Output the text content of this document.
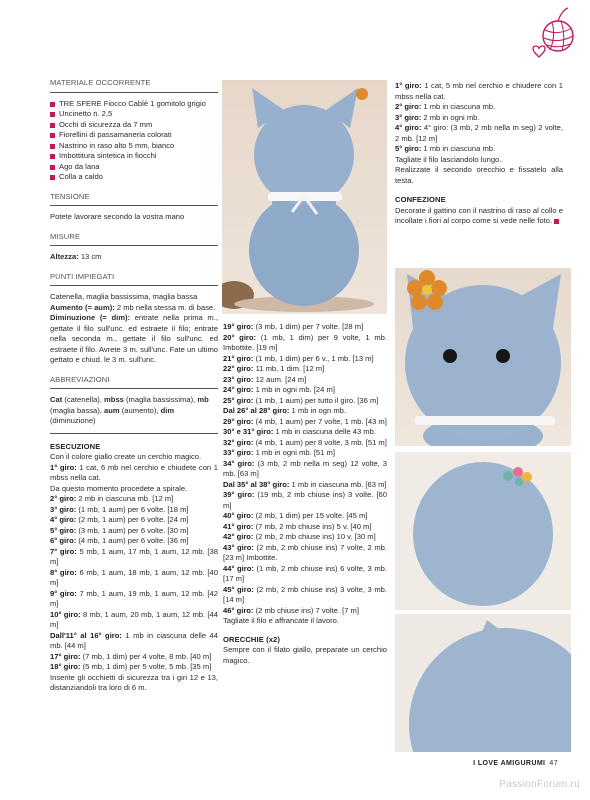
MATERIALE OCCORRENTE
TRE SFERE Fiocco Cablé 1 gomitolo grigio
Uncinetto n. 2,5
Occhi di sicurezza da 7 mm
Fiorellini di passamaneria colorati
Nastrino in raso alto 5 mm, bianco
Imbottitura sintetica in fiocchi
Ago da lana
Colla a caldo
TENSIONE

Potete lavorare secondo la vostra mano

MISURE

Altezza: 13 cm

PUNTI IMPIEGATI

Catenella, maglia bassissima, maglia bassa

Aumento (= aum): 2 mb nella stessa m. di base.

Diminuzione (= dim): entrate nella prima m., gettate il filo sull'unc. ed estraete il filo; entrate nella seconda m., gettate il filo sull'unc. ed estraete il filo. Avrete 3 m. sull'unc. Fate un ultimo gettato e chiud. le 3 m. sull'unc.

ABBREVIAZIONI

Cat (catenella), mbss (maglia bassissima), mb (maglia bassa), aum (aumento), dim (diminuzione)

ESECUZIONE

Con il colore giallo create un cerchio magico.

1° giro: 1 cat, 6 mb nel cerchio e chiudete con 1 mbss nella cat.

Da questo momento procedete a spirale.

2° giro: 2 mb in ciascuna mb. [12 m]

3° giro: (1 mb, 1 aum) per 6 volte. [18 m]

4° giro: (2 mb, 1 aum) per 6 volte. [24 m]

5° giro: (3 mb, 1 aum) per 6 volte. [30 m]

6° giro: (4 mb, 1 aum) per 6 volte. [36 m]

7° giro: 5 mb, 1 aum, 17 mb, 1 aum, 12 mb. [38 m]

8° giro: 6 mb, 1 aum, 18 mb, 1 aum, 12 mb. [40 m]

9° giro: 7 mb, 1 aum, 19 mb, 1 aum, 12 mb. [42 m]

10° giro: 8 mb, 1 aum, 20 mb, 1 aum, 12 mb. [44 m]

Dall'11° al 16° giro: 1 mb in ciascuna delle 44 mb. [44 m]

17° giro: (7 mb, 1 dim) per 4 volte, 8 mb. [40 m]

18° giro: (5 mb, 1 dim) per 5 volte, 5 mb. [35 m]

Inserite gli occhietti di sicurezza tra i giri 12 e 13, distanziandoli tra loro di 6 m.

19° giro: (3 mb, 1 dim) per 7 volte. [28 m]

20° giro: (1 mb, 1 dim) per 9 volte, 1 mb. Imbottite. [19 m]

21° giro: (1 mb, 1 dim) per 6 v., 1 mb. [13 m]

22° giro: 11 mb, 1 dim. [12 m]

23° giro: 12 aum. [24 m]

24° giro: 1 mb in ogni mb. [24 m]

25° giro: (1 mb, 1 aum) per tutto il giro. [36 m]

Dal 26° al 28° giro: 1 mb in ogn mb.

29° giro: (4 mb, 1 aum) per 7 volte, 1 mb. [43 m]

30° e 31° giro: 1 mb in ciascuna delle 43 mb.

32° giro: (4 mb, 1 aum) per 8 volte, 3 mb. [51 m]

33° giro: 1 mb in ogni mb. [51 m]

34° giro: (3 mb, 2 mb nella m seg) 12 volte, 3 mb. [63 m]

Dal 35° al 38° giro: 1 mb in ciascuna mb. [63 m]

39° giro: (19 mb, 2 mb chiuse ins) 3 volte. [60 m]

40° giro: (2 mb, 1 dim) per 15 volte. [45 m]

41° giro: (7 mb, 2 mb chiuse ins) 5 v. [40 m]

42° giro: (2 mb, 2 mb chiuse ins) 10 v. [30 m]

43° giro: (2 mb, 2 mb chiuse ins) 7 volte, 2 mb. [23 m] Imbottite.

44° giro: (1 mb, 2 mb chiuse ins) 6 volte, 3 mb. [17 m]

45° giro: (2 mb, 2 mb chiuse ins) 3 volte, 3 mb. [14 m]

46° giro: (2 mb chiuse ins) 7 volte. [7 m]

Tagliate il filo e affrancate il lavoro.

ORECCHIE (x2)

Sempre con il filato giallo, preparate un cerchio magico.

1° giro: 1 cat, 5 mb nel cerchio e chiudere con 1 mbss nella cat.

2° giro: 1 mb in ciascuna mb.

3° giro: 2 mb in ogni mb.

4° giro: 4° giro: (3 mb, 2 mb nella m seg) 2 volte, 2 mb. [12 m]

5° giro: 1 mb in ciascuna mb.

Tagliate il filo lasciandolo lungo.

Realizzate il secondo orecchio e fissatelo alla testa.

CONFEZIONE

Decorate il gattino con il nastrino di raso al collo e incollate i fiori al corpo come si vede nelle foto.

I LOVE AMIGURUMI 47
PassionForum.ru
